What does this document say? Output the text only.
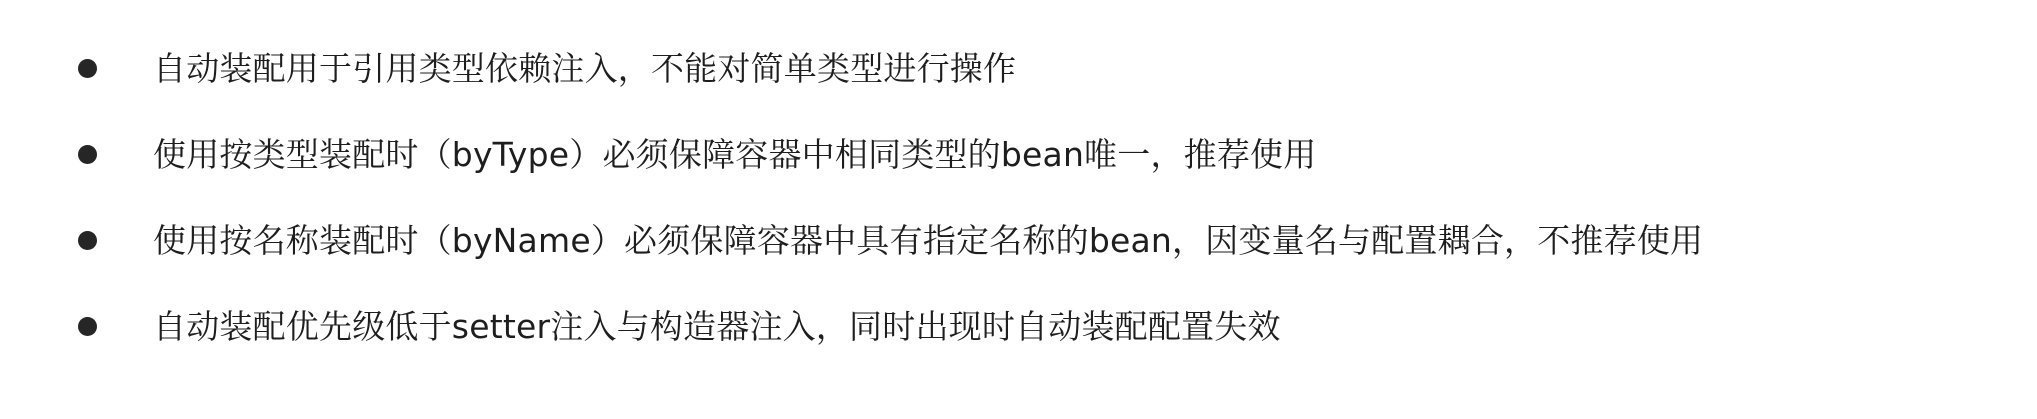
自动装配用于引用类型依赖注入，不能对简单类型进行操作
使用按类型装配时（byType）必须保障容器中相同类型的bean唯一，推荐使用
使用按名称装配时（byName）必须保障容器中具有指定名称的bean，因变量名与配置耦合，不推荐使用
自动装配优先级低于setter注入与构造器注入，同时出现时自动装配配置失效
